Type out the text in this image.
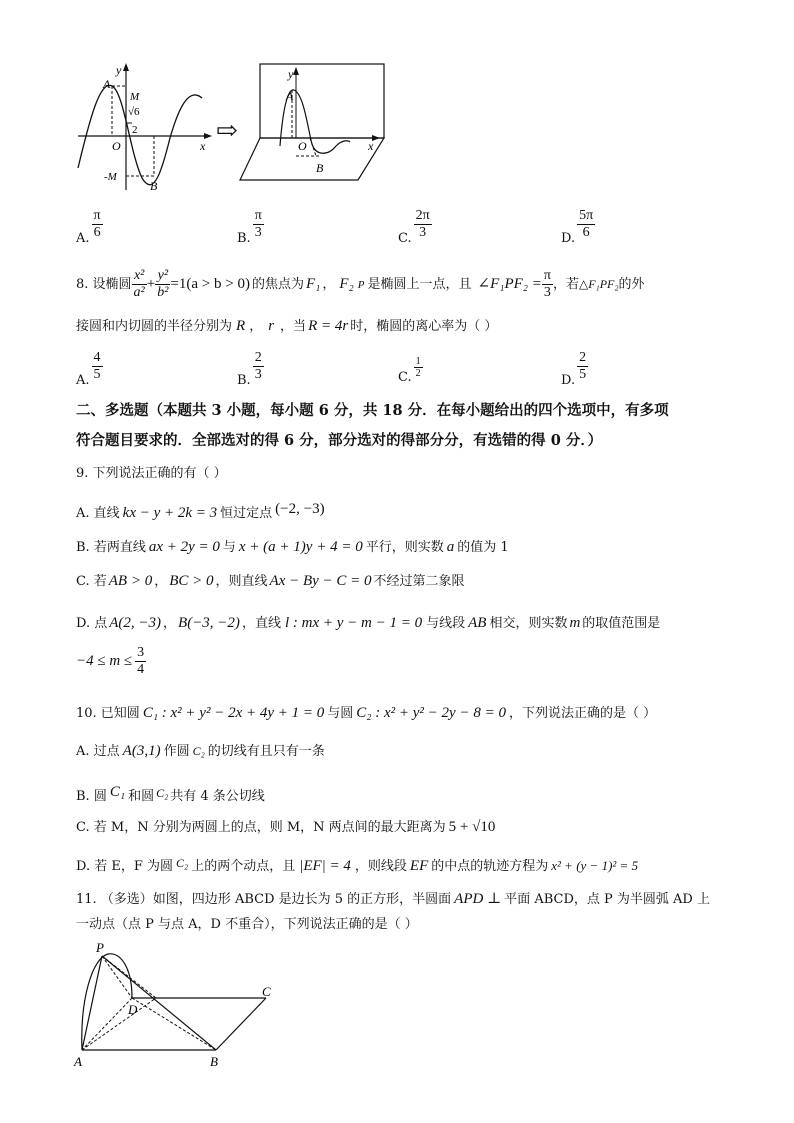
y
x
A
M
√6
2
O
-M
B
⇨
y
A
O	x
B
A. $\frac{\pi}{6}$	B. $\frac{\pi}{3}$	C. $\frac{2\pi}{3}$	D. $\frac{5\pi}{6}$
8. 设椭圆 $\frac{\text{x²}}{\text{a²}} + \frac{\text{y²}}{\text{b²}} =1(a > b > 0)$ 的焦点为 F₁ ， F₂ P 是椭圆上一点，且 ∠F₁PF₂ = $\frac{\pi}{3}$ ，若△F₁PF₂的外
接圆和内切圆的半径分别为 R ， r ，当 R = 4r 时，椭圆的离心率为（ ）
A. $\frac{4}{5}$	B. $\frac{2}{3}$	C. $\frac{1}{2}$
D. $\frac{2}{5}$
二、多选题（本题共 3 小题，每小题 6 分，共 18 分．在每小题给出的四个选项中，有多项
符合题目要求的．全部选对的得 6 分，部分选对的得部分分，有选错的得 0 分．）
9. 下列说法正确的有（ ）
A. 直线 kx − y + 2k = 3 恒过定点 (−2, −3)
B. 若两直线 ax + 2y = 0 与 x + (a + 1)y + 4 = 0 平行，则实数 a 的值为 1
C. 若 AB > 0 ， BC > 0 ，则直线 Ax − By − C = 0 不经过第二象限
D. 点 A(2, −3) ， B(−3, −2) ，直线 l : mx + y − m − 1 = 0 与线段 AB 相交，则实数 m 的取值范围是
$-4 \le m \le \frac{3}{4}$
10. 已知圆 C₁ : x² + y² − 2x + 4y + 1 = 0 与圆 C₂ : x² + y² − 2y − 8 = 0 ，下列说法正确的是（ ）
A. 过点 A(3,1) 作圆 C₂ 的切线有且只有一条
B. 圆 C₁ 和圆 C₂ 共有 4 条公切线
C. 若 M，N 分别为两圆上的点，则 M，N 两点间的最大距离为 5 + √10
D. 若 E，F 为圆 C₂ 上的两个动点，且 |EF| = 4 ，则线段 EF 的中点的轨迹方程为 x² + (y − 1)² = 5
11. （多选）如图，四边形 ABCD 是边长为 5 的正方形，半圆面 APD ⊥ 平面 ABCD，点 P 为半圆弧 AD 上
一动点（点 P 与点 A，D 不重合），下列说法正确的是（ ）
P
D
C
A	B
